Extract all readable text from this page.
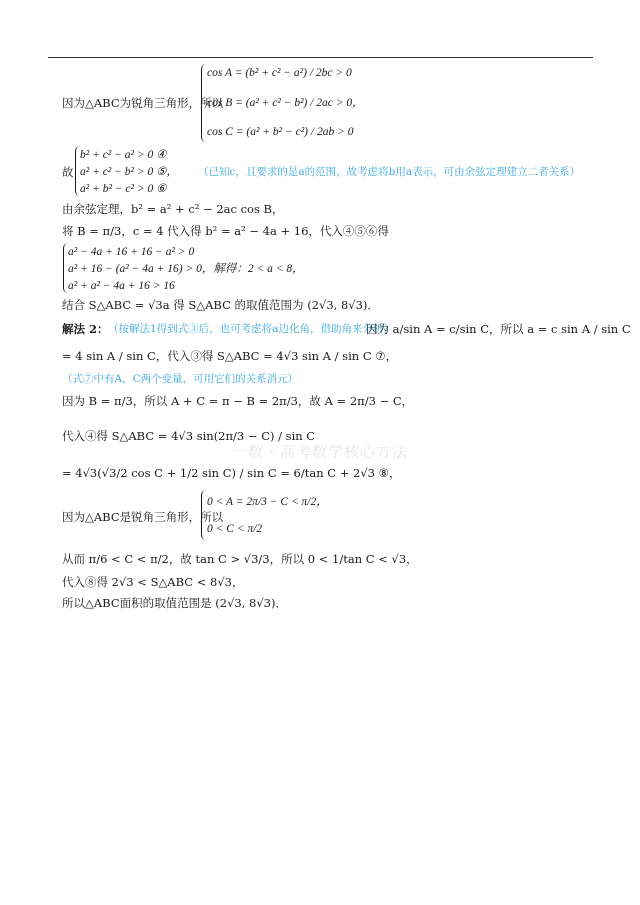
因为△ABC为锐角三角形，所以
cos A = (b² + c² − a²) / 2bc > 0
cos B = (a² + c² − b²) / 2ac > 0，
cos C = (a² + b² − c²) / 2ab > 0
故
b² + c² − a² > 0 ④
a² + c² − b² > 0 ⑤，
a² + b² − c² > 0 ⑥
（已知c，且要求的是a的范围，故考虑将b用a表示，可由余弦定理建立二者关系）
由余弦定理，b² = a² + c² − 2ac cos B，
将 B = π/3，c = 4 代入得 b² = a² − 4a + 16，代入④⑤⑥得
a² − 4a + 16 + 16 − a² > 0
a² + 16 − (a² − 4a + 16) > 0，解得：2 < a < 8，
a² + a² − 4a + 16 > 16
结合 S△ABC = √3a 得 S△ABC 的取值范围为 (2√3, 8√3)．
解法 2： （按解法1得到式③后，也可考虑将a边化角，借助角来分析）
因为 a/sin A = c/sin C，所以 a = c sin A / sin C
= 4 sin A / sin C，代入③得 S△ABC = 4√3 sin A / sin C ⑦，
（式⑦中有A，C两个变量，可用它们的关系消元）
因为 B = π/3，所以 A + C = π − B = 2π/3，故 A = 2π/3 − C，
代入④得 S△ABC = 4√3 sin(2π/3 − C) / sin C
= 4√3(√3/2 cos C + 1/2 sin C) / sin C = 6/tan C + 2√3 ⑧，
因为△ABC是锐角三角形，所以
0 < A = 2π/3 − C < π/2，
0 < C < π/2
从而 π/6 < C < π/2，故 tan C > √3/3，所以 0 < 1/tan C < √3，
代入⑧得 2√3 < S△ABC < 8√3，
所以△ABC面积的取值范围是 (2√3, 8√3)．
一数・高考数学核心方法
